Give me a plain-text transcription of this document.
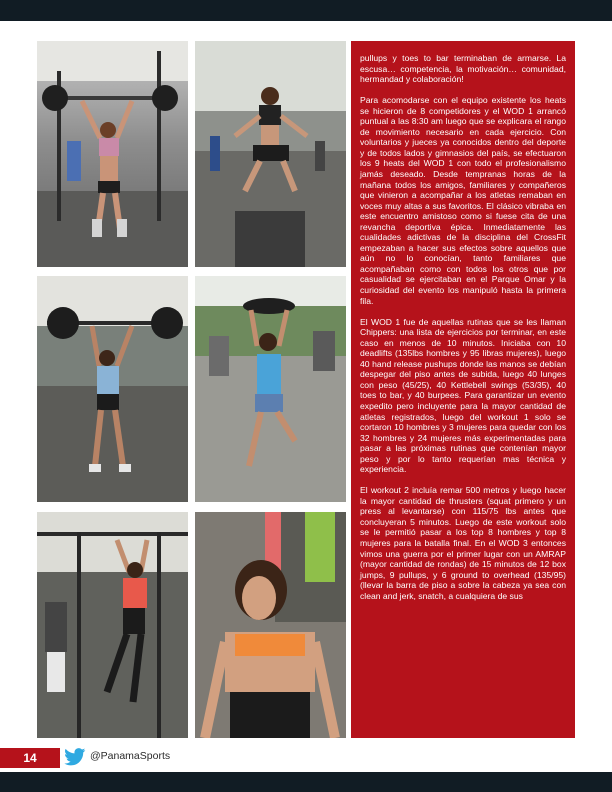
pullups y toes to bar terminaban de armarse. La escusa… competencia, la motivación… comunidad, hermandad y colaboración!

Para acomodarse con el equipo existente los heats se hicieron de 8 competidores y el WOD 1 arrancó puntual a las 8:30 am luego que se explicara el rango de movimiento necesario en cada ejercicio. Con voluntarios y jueces ya conocidos dentro del deporte y de todos lados y gimnasios del país, se efectuaron los 9 heats del WOD 1 con todo el profesionalismo jamás deseado. Desde tempranas horas de la mañana todos los amigos, familiares y compañeros que vinieron a acompañar a los atletas remaban en voces muy altas a sus favoritos. El clásico vibraba en este encuentro amistoso como si fuese cita de una revancha deportiva épica. Inmediatamente las cualidades adictivas de la disciplina del CrossFit empezaban a hacer sus efectos sobre aquellos que aún no lo conocían, tanto familiares que acompañaban como con todos los otros que por casualidad se ejercitaban en el Parque Omar y la curiosidad del evento los manipuló hasta la primera fila.

El WOD 1 fue de aquellas rutinas que se les llaman Chippers: una lista de ejercicios por terminar, en este caso en menos de 10 minutos. Iniciaba con 10 deadlifts (135lbs hombres y 95 libras mujeres), luego 40 hand release pushups donde las manos se debían despegar del piso antes de subida, luego 40 lunges con peso (45/25), 40 Kettlebell swings (53/35), 40 toes to bar, y 40 burpees. Para garantizar un evento expedito pero incluyente para la mayor cantidad de atletas registrados, luego del workout 1 solo se cortaron 10 hombres y 3 mujeres para quedar con los 32 hombres y 24 mujeres más experimentadas para pasar a las próximas rutinas que contenían mayor peso y por lo tanto requerían mas técnica y experiencia.

El workout 2 incluía remar 500 metros y luego hacer la mayor cantidad de thrusters (squat primero y un press al levantarse) con 115/75 lbs antes que concluyeran 5 minutos. Luego de este workout solo se le permitió pasar a los top 8 hombres y top 8 mujeres para la batalla final. En el WOD 3 entonces vimos una guerra por el primer lugar con un AMRAP (mayor cantidad de rondas) de 15 minutos de 12 box jumps, 9 pullups, y 6 ground to overhead (135/95) (llevar la barra de piso a sobre la cabeza ya sea con clean and jerk, snatch, a cualquiera de sus

14	@PanamaSports
